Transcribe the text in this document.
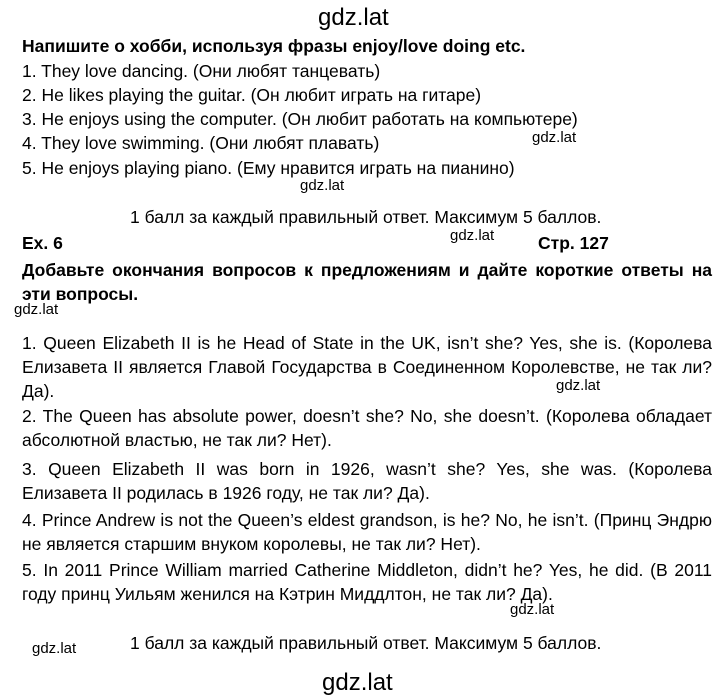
gdz.lat
Напишите о хобби, используя фразы enjoy/love doing etc.
1. They love dancing. (Они любят танцевать)
2. He likes playing the guitar. (Он любит играть на гитаре)
3. He enjoys using the computer. (Он любит работать на компьютере)
gdz.lat
4. They love swimming. (Они любят плавать)
5. He enjoys playing piano. (Ему нравится играть на пианино)
gdz.lat
1 балл за каждый правильный ответ. Максимум 5 баллов.
Ex. 6	gdz.lat	Стр. 127
Добавьте окончания вопросов к предложениям и дайте короткие ответы на эти вопросы.
gdz.lat
1. Queen Elizabeth II is he Head of State in the UK, isn’t she? Yes, she is. (Королева Елизавета II является Главой Государства в Соединенном Королевстве, не так ли? Да).	gdz.lat
2. The Queen has absolute power, doesn’t she? No, she doesn’t. (Королева обладает абсолютной властью, не так ли? Нет).
3. Queen Elizabeth II was born in 1926, wasn’t she? Yes, she was. (Королева Елизавета II родилась в 1926 году, не так ли? Да).
4. Prince Andrew is not the Queen’s eldest grandson, is he? No, he isn’t. (Принц Эндрю не является старшим внуком королевы, не так ли? Нет).
5. In 2011 Prince William married Catherine Middleton, didn’t he? Yes, he did. (В 2011 году принц Уильям женился на Кэтрин Миддлтон, не так ли? Да).
gdz.lat
gdz.lat	1 балл за каждый правильный ответ. Максимум 5 баллов.
gdz.lat
